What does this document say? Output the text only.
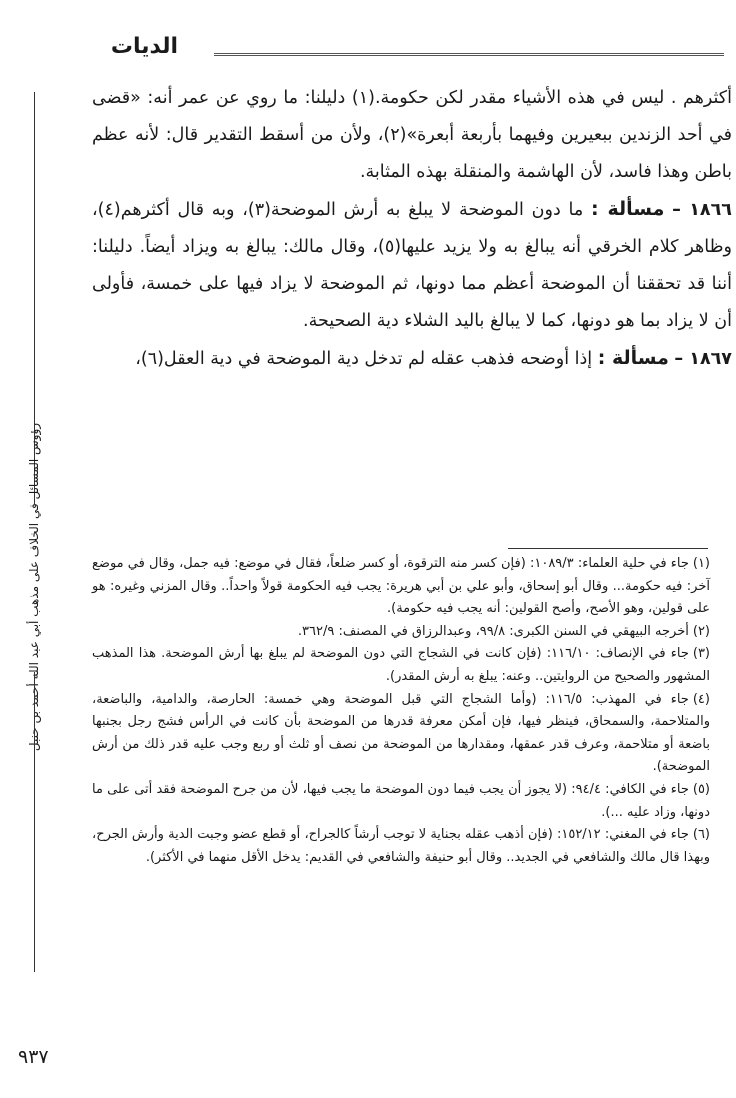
الديات

أكثرهم . ليس في هذه الأشياء مقدر لكن حكومة.(١) دليلنا: ما روي عن عمر أنه: «قضى في أحد الزندين ببعيرين وفيهما بأربعة أبعرة»(٢)، ولأن من أسقط التقدير قال: لأنه عظم باطن وهذا فاسد، لأن الهاشمة والمنقلة بهذه المثابة.

١٨٦٦ – مسألة : ما دون الموضحة لا يبلغ به أرش الموضحة(٣)، وبه قال أكثرهم(٤)، وظاهر كلام الخرقي أنه يبالغ به ولا يزيد عليها(٥)، وقال مالك: يبالغ به ويزاد أيضاً. دليلنا: أننا قد تحققنا أن الموضحة أعظم مما دونها، ثم الموضحة لا يزاد فيها على خمسة، فأولى أن لا يزاد بما هو دونها، كما لا يبالغ باليد الشلاء دية الصحيحة.

١٨٦٧ – مسألة : إذا أوضحه فذهب عقله لم تدخل دية الموضحة في دية العقل(٦)،

رؤوس المسائل في الخلاف على مذهب أبي عبد الله أحمد بن حنبل	(١)جاء في حلية العلماء: ١٠٨٩/٣: (فإن كسر منه الترقوة، أو كسر ضلعاً، فقال في موضع: فيه جمل، وقال في موضع آخر: فيه حكومة... وقال أبو إسحاق، وأبو علي بن أبي هريرة: يجب فيه الحكومة قولاً واحداً.. وقال المزني وغيره: هو على قولين، وهو الأصح، وأصح القولين: أنه يجب فيه حكومة).

(٢)أخرجه البيهقي في السنن الكبرى: ٩٩/٨، وعبدالرزاق في المصنف: ٣٦٢/٩.

(٣)جاء في الإنصاف: ١١٦/١٠: (فإن كانت في الشجاج التي دون الموضحة لم يبلغ بها أرش الموضحة. هذا المذهب المشهور والصحيح من الروايتين.. وعنه: يبلغ به أرش المقدر).

(٤)جاء في المهذب: ١١٦/٥: (وأما الشجاج التي قبل الموضحة وهي خمسة: الحارصة، والدامية، والباضعة، والمتلاحمة، والسمحاق، فينظر فيها، فإن أمكن معرفة قدرها من الموضحة بأن كانت في الرأس فشج رجل بجنبها باضعة أو متلاحمة، وعرف قدر عمقها، ومقدارها من الموضحة من نصف أو ثلث أو ربع وجب عليه قدر ذلك من أرش الموضحة).

(٥)جاء في الكافي: ٩٤/٤: (لا يجوز أن يجب فيما دون الموضحة ما يجب فيها، لأن من جرح الموضحة فقد أتى على ما دونها، وزاد عليه ...).

(٦)جاء في المغني: ١٥٢/١٢: (فإن أذهب عقله بجناية لا توجب أرشاً كالجراح، أو قطع عضو وجبت الدية وأرش الجرح، وبهذا قال مالك والشافعي في الجديد.. وقال أبو حنيفة والشافعي في القديم: يدخل الأقل منهما في الأكثر).

٩٣٧
